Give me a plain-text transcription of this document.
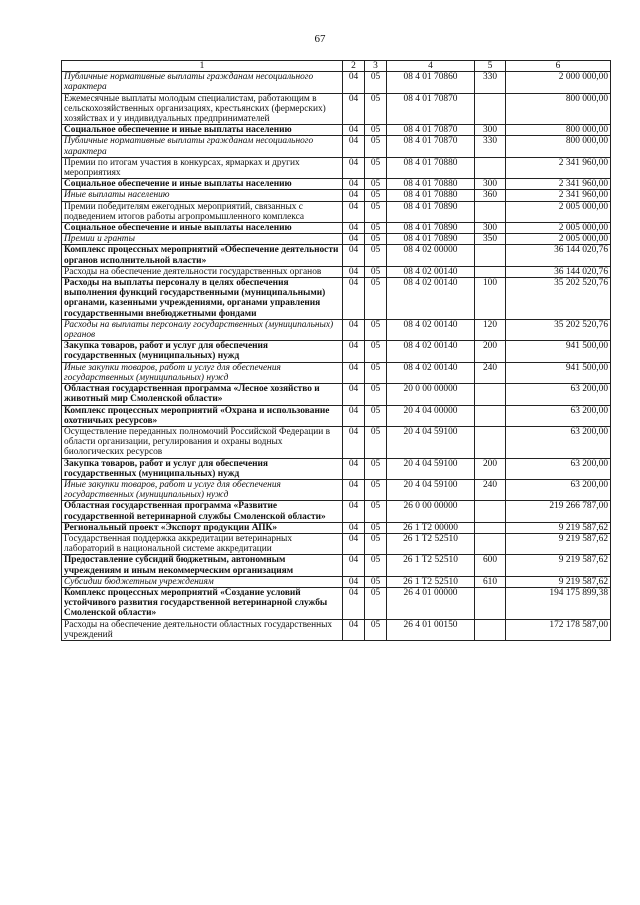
67
1	2	3	4	5	6
Публичные нормативные выплаты гражданам несоциального характера	04	05	08 4 01 70860	330	2 000 000,00
Ежемесячные выплаты молодым специалистам, работающим в сельскохозяйственных организациях, крестьянских (фермерских) хозяйствах и у индивидуальных предпринимателей	04	05	08 4 01 70870		800 000,00
Социальное обеспечение и иные выплаты населению	04	05	08 4 01 70870	300	800 000,00
Публичные нормативные выплаты гражданам несоциального характера	04	05	08 4 01 70870	330	800 000,00
Премии по итогам участия в конкурсах, ярмарках и других мероприятиях	04	05	08 4 01 70880		2 341 960,00
Социальное обеспечение и иные выплаты населению	04	05	08 4 01 70880	300	2 341 960,00
Иные выплаты населению	04	05	08 4 01 70880	360	2 341 960,00
Премии победителям ежегодных мероприятий, связанных с подведением итогов работы агропромышленного комплекса	04	05	08 4 01 70890		2 005 000,00
Социальное обеспечение и иные выплаты населению	04	05	08 4 01 70890	300	2 005 000,00
Премии и гранты	04	05	08 4 01 70890	350	2 005 000,00
Комплекс процессных мероприятий «Обеспечение деятельности органов исполнительной власти»	04	05	08 4 02 00000		36 144 020,76
Расходы на обеспечение деятельности государственных органов	04	05	08 4 02 00140		36 144 020,76
Расходы на выплаты персоналу в целях обеспечения выполнения функций государственными (муниципальными) органами, казенными учреждениями, органами управления государственными внебюджетными фондами	04	05	08 4 02 00140	100	35 202 520,76
Расходы на выплаты персоналу государственных (муниципальных) органов	04	05	08 4 02 00140	120	35 202 520,76
Закупка товаров, работ и услуг для обеспечения государственных (муниципальных) нужд	04	05	08 4 02 00140	200	941 500,00
Иные закупки товаров, работ и услуг для обеспечения государственных (муниципальных) нужд	04	05	08 4 02 00140	240	941 500,00
Областная государственная программа «Лесное хозяйство и животный мир Смоленской области»	04	05	20 0 00 00000		63 200,00
Комплекс процессных мероприятий «Охрана и использование охотничьих ресурсов»	04	05	20 4 04 00000		63 200,00
Осуществление переданных полномочий Российской Федерации в области организации, регулирования и охраны водных биологических ресурсов	04	05	20 4 04 59100		63 200,00
Закупка товаров, работ и услуг для обеспечения государственных (муниципальных) нужд	04	05	20 4 04 59100	200	63 200,00
Иные закупки товаров, работ и услуг для обеспечения государственных (муниципальных) нужд	04	05	20 4 04 59100	240	63 200,00
Областная государственная программа «Развитие государственной ветеринарной службы Смоленской области»	04	05	26 0 00 00000		219 266 787,00
Региональный проект «Экспорт продукции АПК»	04	05	26 1 T2 00000		9 219 587,62
Государственная поддержка аккредитации ветеринарных лабораторий в национальной системе аккредитации	04	05	26 1 T2 52510		9 219 587,62
Предоставление субсидий бюджетным, автономным учреждениям и иным некоммерческим организациям	04	05	26 1 T2 52510	600	9 219 587,62
Субсидии бюджетным учреждениям	04	05	26 1 T2 52510	610	9 219 587,62
Комплекс процессных мероприятий «Создание условий устойчивого развития государственной ветеринарной службы Смоленской области»	04	05	26 4 01 00000		194 175 899,38
Расходы на обеспечение деятельности областных государственных учреждений	04	05	26 4 01 00150		172 178 587,00
